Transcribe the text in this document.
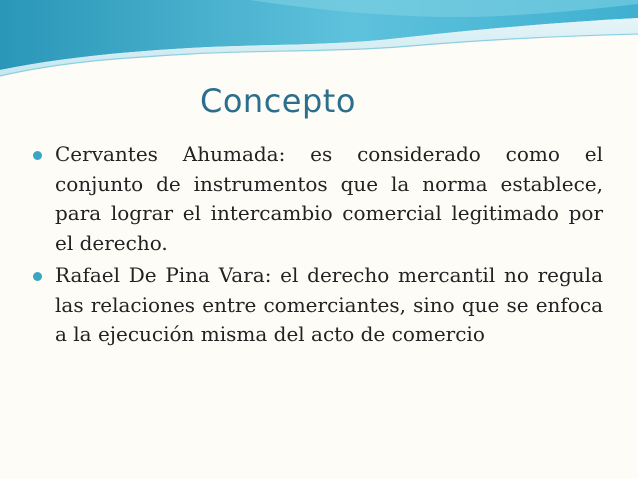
Concepto
Cervantes Ahumada: es considerado como el conjunto de instrumentos que la norma establece, para lograr el intercambio comercial legitimado por el derecho.
Rafael De Pina Vara: el derecho mercantil no regula las relaciones entre comerciantes, sino que se enfoca a la ejecución misma del acto de comercio
